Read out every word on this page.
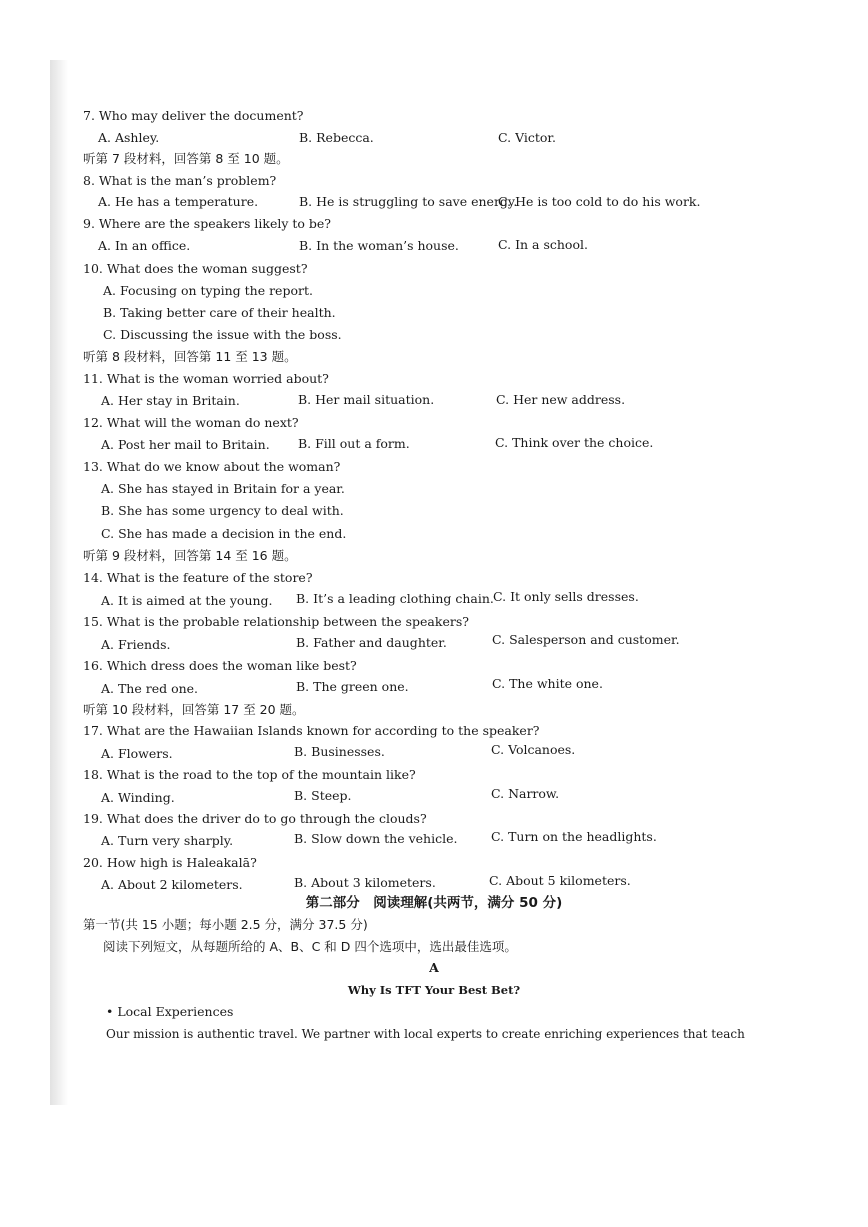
7. Who may deliver the document?
A. Ashley.	B. Rebecca.	C. Victor.
听第 7 段材料，回答第 8 至 10 题。
8. What is the man’s problem?
A. He has a temperature.	B. He is struggling to save energy.
C. He is too cold to do his work.
9. Where are the speakers likely to be?
A. In an office.	B. In the woman’s house.	C. In a school.
10. What does the woman suggest?
A. Focusing on typing the report.
B. Taking better care of their health.
C. Discussing the issue with the boss.
听第 8 段材料，回答第 11 至 13 题。
11. What is the woman worried about?
A. Her stay in Britain.	B. Her mail situation.	C. Her new address.
12. What will the woman do next?
A. Post her mail to Britain. B. Fill out a form.	C. Think over the choice.
13. What do we know about the woman?
A. She has stayed in Britain for a year.
B. She has some urgency to deal with.
C. She has made a decision in the end.
听第 9 段材料，回答第 14 至 16 题。
14. What is the feature of the store?
A. It is aimed at the young. B. It’s a leading clothing chain. C. It only sells dresses.
15. What is the probable relationship between the speakers?
A. Friends.	B. Father and daughter.	C. Salesperson and customer.
16. Which dress does the woman like best?
A. The red one.	B. The green one.	C. The white one.
听第 10 段材料，回答第 17 至 20 题。
17. What are the Hawaiian Islands known for according to the speaker?
A. Flowers.	B. Businesses.	C. Volcanoes.
18. What is the road to the top of the mountain like?
A. Winding.	B. Steep.	C. Narrow.
19. What does the driver do to go through the clouds?
A. Turn very sharply.	B. Slow down the vehicle.	C. Turn on the headlights.
20. How high is Haleakalā?
A. About 2 kilometers.	B. About 3 kilometers.	C. About 5 kilometers.
第二部分　阅读理解(共两节，满分 50 分)
第一节(共 15 小题；每小题 2.5 分，满分 37.5 分)
阅读下列短文，从每题所给的 A、B、C 和 D 四个选项中，选出最佳选项。
A
Why Is TFT Your Best Bet?
• Local Experiences
Our mission is authentic travel. We partner with local experts to create enriching experiences that teach
